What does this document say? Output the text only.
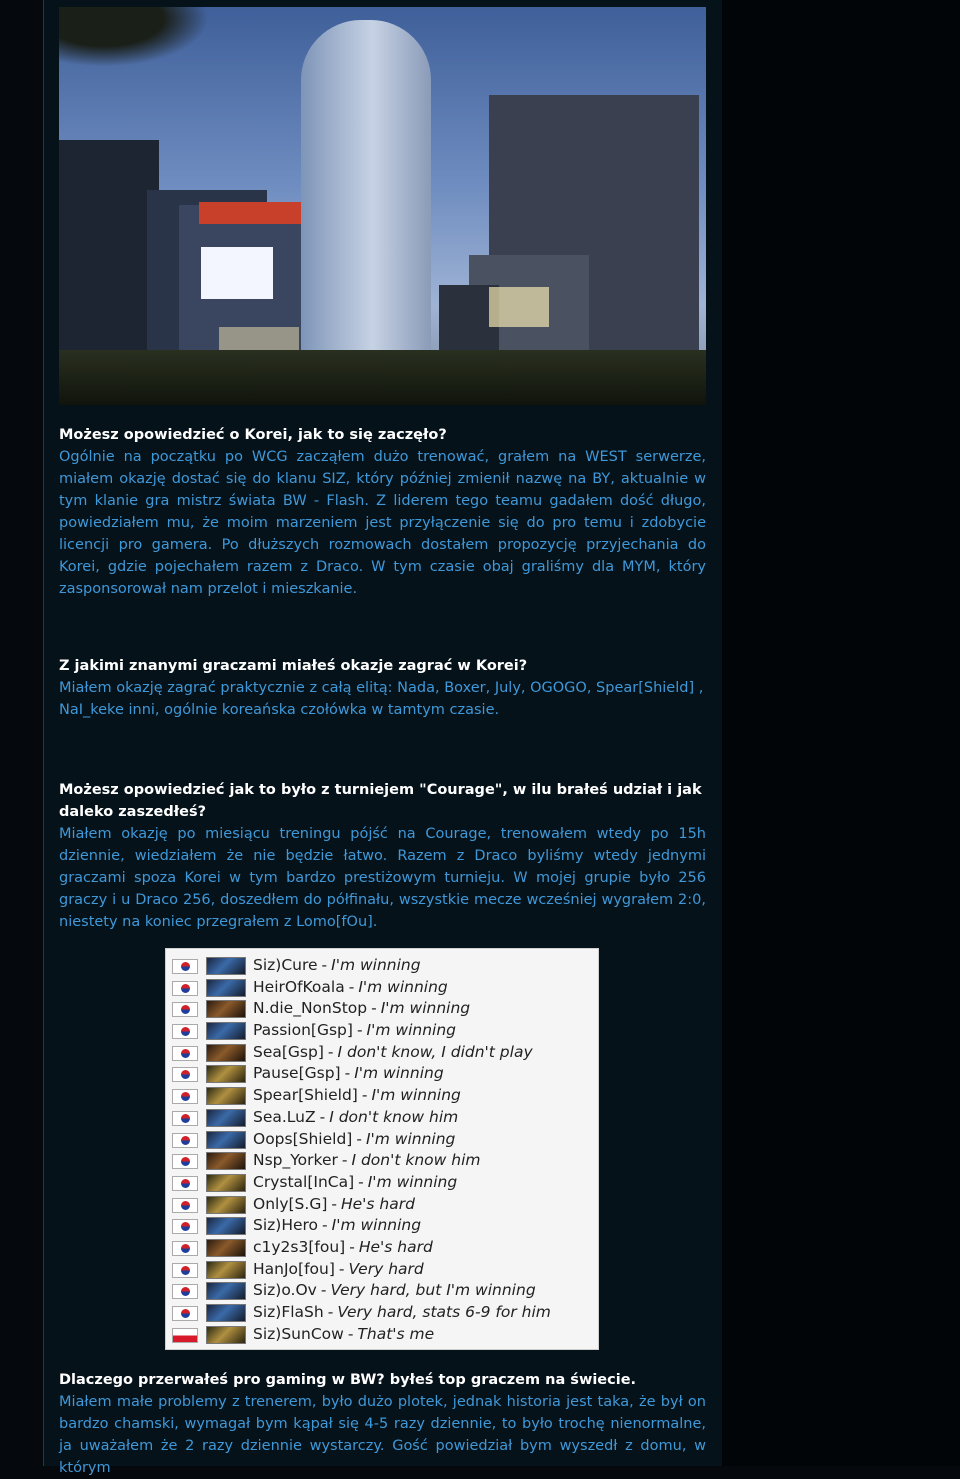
Możesz opowiedzieć o Korei, jak to się zaczęło?

Ogólnie na początku po WCG zacząłem dużo trenować, grałem na WEST serwerze, miałem okazję dostać się do klanu SIZ, który później zmienił nazwę na BY, aktualnie w tym klanie gra mistrz świata BW - Flash. Z liderem tego teamu gadałem dość długo, powiedziałem mu, że moim marzeniem jest przyłączenie się do pro temu i zdobycie licencji pro gamera. Po dłuższych rozmowach dostałem propozycję przyjechania do Korei, gdzie pojechałem razem z Draco. W tym czasie obaj graliśmy dla MYM, który zasponsorował nam przelot i mieszkanie.

Z jakimi znanymi graczami miałeś okazje zagrać w Korei?

Miałem okazję zagrać praktycznie z całą elitą: Nada, Boxer, July, OGOGO, Spear[Shield] , NaI_keke inni, ogólnie koreańska czołówka w tamtym czasie.

Możesz opowiedzieć jak to było z turniejem "Courage", w ilu brałeś udział i jak daleko zaszedłeś?

Miałem okazję po miesiącu treningu pójść na Courage, trenowałem wtedy po 15h dziennie, wiedziałem że nie będzie łatwo. Razem z Draco byliśmy wtedy jednymi graczami spoza Korei w tym bardzo prestiżowym turnieju. W mojej grupie było 256 graczy i u Draco 256, doszedłem do półfinału, wszystkie mecze wcześniej wygrałem 2:0, niestety na koniec przegrałem z Lomo[fOu].

Siz)Cure - I'm winning
HeirOfKoala - I'm winning
N.die_NonStop - I'm winning
Passion[Gsp] - I'm winning
Sea[Gsp] - I don't know, I didn't play
Pause[Gsp] - I'm winning
Spear[Shield] - I'm winning
Sea.LuZ - I don't know him
Oops[Shield] - I'm winning
Nsp_Yorker - I don't know him
Crystal[InCa] - I'm winning
Only[S.G] - He's hard
Siz)Hero - I'm winning
c1y2s3[fou] - He's hard
HanJo[fou] - Very hard
Siz)o.Ov - Very hard, but I'm winning
Siz)FlaSh - Very hard, stats 6-9 for him
Siz)SunCow - That's me

Dlaczego przerwałeś pro gaming w BW? byłeś top graczem na świecie.

Miałem małe problemy z trenerem, było dużo plotek, jednak historia jest taka, że był on bardzo chamski, wymagał bym kąpał się 4-5 razy dziennie, to było trochę nienormalne, ja uważałem że 2 razy dziennie wystarczy. Gość powiedział bym wyszedł z domu, w którym
